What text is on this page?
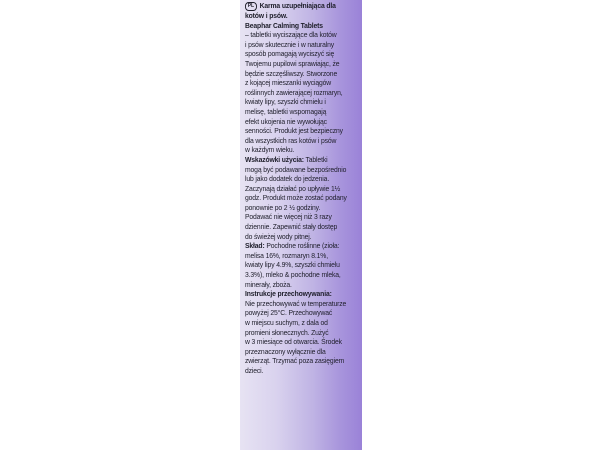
PL Karma uzupełniająca dla
kotów i psów.
Beaphar Calming Tablets
– tabletki wyciszające dla kotów
i psów skutecznie i w naturalny
sposób pomagają wyciszyć się
Twojemu pupilowi sprawiając, że
będzie szczęśliwszy. Stworzone
z kojącej mieszanki wyciągów
roślinnych zawierającej rozmaryn,
kwiaty lipy, szyszki chmielu i
melisę, tabletki wspomagają
efekt ukojenia nie wywołując
senności. Produkt jest bezpieczny
dla wszystkich ras kotów i psów
w każdym wieku.
Wskazówki użycia: Tabletki
mogą być podawane bezpośrednio
lub jako dodatek do jedzenia.
Zaczynają działać po upływie 1½
godz. Produkt może zostać podany
ponownie po 2 ½ godziny.
Podawać nie więcej niż 3 razy
dziennie. Zapewnić stały dostęp
do świeżej wody pitnej.
Skład: Pochodne roślinne (zioła:
melisa 16%, rozmaryn 8.1%,
kwiaty lipy 4.9%, szyszki chmielu
3.3%), mleko & pochodne mleka,
minerały, zboża.
Instrukcje przechowywania:
Nie przechowywać w temperaturze
powyżej 25°C. Przechowywać
w miejscu suchym, z dala od
promieni słonecznych. Zużyć
w 3 miesiące od otwarcia. Środek
przeznaczony wyłącznie dla
zwierząt. Trzymać poza zasięgiem
dzieci.
